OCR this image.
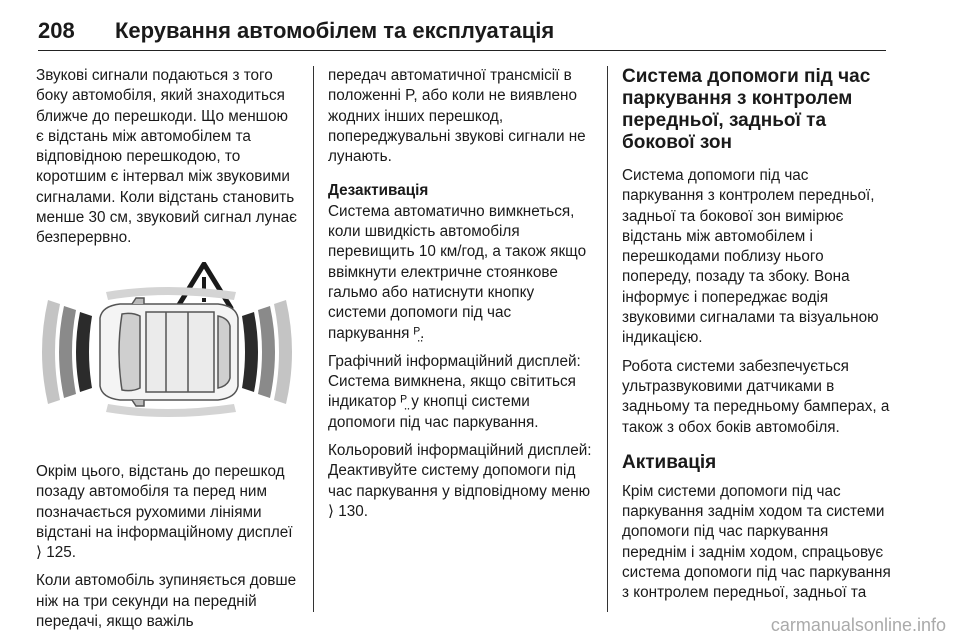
208 Керування автомобілем та експлуатація

Звукові сигнали подаються з того боку автомобіля, який знаходиться ближче до перешкоди. Що меншою є відстань між автомобілем та відповідною перешкодою, то коротшим є інтервал між звуковими сигналами. Коли відстань становить менше 30 см, звуковий сигнал лунає безперервно.

Окрім цього, відстань до перешкод позаду автомобіля та перед ним позначається рухомими лініями відстані на інформаційному дисплеї ⟩ 125.

Коли автомобіль зупиняється довше ніж на три секунди на передній передачі, якщо важіль

передач автоматичної трансмісії в положенні P, або коли не виявлено жодних інших перешкод, попереджувальні звукові сигнали не лунають.

Дезактивація

Система автоматично вимкнеться, коли швидкість автомобіля перевищить 10 км/год, а також якщо ввімкнути електричне стоянкове гальмо або натиснути кнопку системи допомоги під час паркування ᴾ̤.

Графічний інформаційний дисплей: Система вимкнена, якщо світиться індикатор ᴾ̤ у кнопці системи допомоги під час паркування.

Кольоровий інформаційний дисплей: Деактивуйте систему допомоги під час паркування у відповідному меню ⟩ 130.

Система допомоги під час паркування з контролем передньої, задньої та бокової зон

Система допомоги під час паркування з контролем передньої, задньої та бокової зон вимірює відстань між автомобілем і перешкодами поблизу нього попереду, позаду та збоку. Вона інформує і попереджає водія звуковими сигналами та візуальною індикацією.

Робота системи забезпечується ультразвуковими датчиками в задньому та передньому бамперах, а також з обох боків автомобіля.

Активація

Крім системи допомоги під час паркування заднім ходом та системи допомоги під час паркування переднім і заднім ходом, спрацьовує система допомоги під час паркування з контролем передньої, задньої та

carmanualsonline.info
